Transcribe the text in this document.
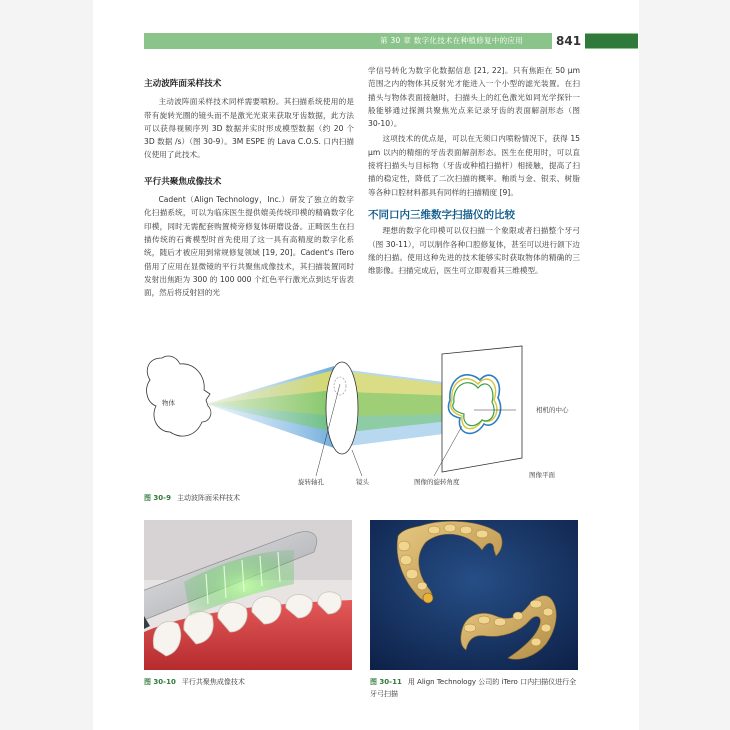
第 30 章 数字化技术在种植修复中的应用	841
主动波阵面采样技术

主动波阵面采样技术同样需要喷粉。其扫描系统使用的是带有旋转光圈的镜头而不是激光光束来获取牙齿数据，此方法可以获得视频序列 3D 数据并实时形成模型数据（约 20 个 3D 数据 /s）（图 30-9）。3M ESPE 的 Lava C.O.S. 口内扫描仪使用了此技术。

平行共聚焦成像技术

Cadent（Align Technology，Inc.）研发了独立的数字化扫描系统，可以为临床医生提供媲美传统印模的精确数字化印模，同时无需配套购置椅旁修复体研磨设备。正畸医生在扫描传统的石膏模型时首先使用了这一具有高精度的数字化系统，随后才被应用到常规修复领域 [19, 20]。Cadent's iTero 借用了应用在显微镜的平行共聚焦成像技术，其扫描装置同时发射出焦距为 300 的 100 000 个红色平行激光点到达牙齿表面，然后将反射回的光

学信号转化为数字化数据信息 [21, 22]。只有焦距在 50 μm 范围之内的物体其反射光才能进入一个小型的滤光装置。在扫描头与物体表面接触时，扫描头上的红色激光如同光学探针一般能够通过探测共聚焦光点来记录牙齿的表面解剖形态（图 30-10）。

这项技术的优点是，可以在无须口内喷粉情况下，获得 15 μm 以内的精细的牙齿表面解剖形态。医生在使用时，可以直接将扫描头与目标物（牙齿或种植扫描杆）相接触，提高了扫描的稳定性，降低了二次扫描的概率。釉质与金、银汞、树脂等各种口腔材料都具有同样的扫描精度 [9]。

不同口内三维数字扫描仪的比较

理想的数字化印模可以仅扫描一个象限或者扫描整个牙弓（图 30-11），可以制作各种口腔修复体，甚至可以进行颌下边缘的扫描。使用这种先进的技术能够实时获取物体的精确的三维影像。扫描完成后，医生可立即观看其三维模型。

物体
旋转轴孔	镜头	图像的旋转角度
相机的中心
图像平面
图 30-9 主动波阵面采样技术
图 30-10 平行共聚焦成像技术	图 30-11 用 Align Technology 公司的 iTero 口内扫描仪进行全牙弓扫描
